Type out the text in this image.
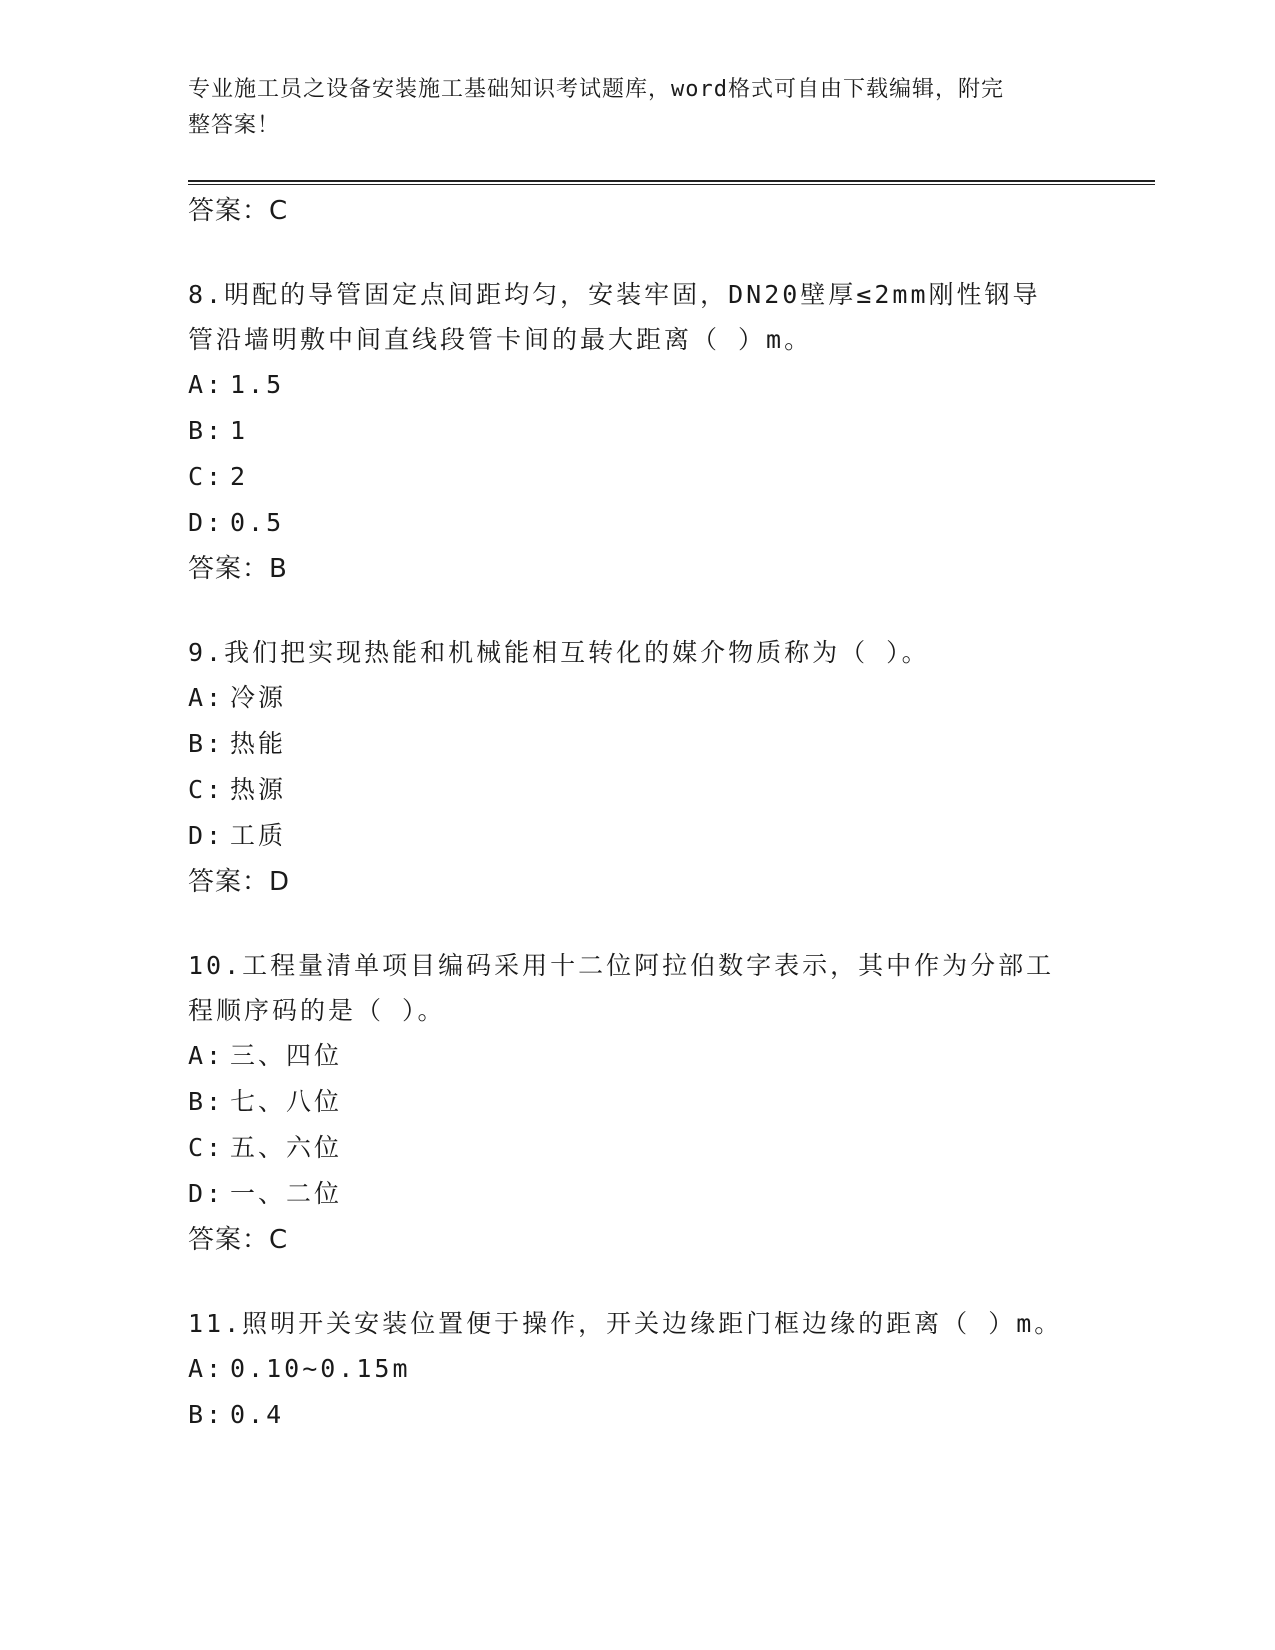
专业施工员之设备安装施工基础知识考试题库，word格式可自由下载编辑，附完
整答案！
答案：C
8.明配的导管固定点间距均匀，安装牢固，DN20壁厚≤2mm刚性钢导
管沿墙明敷中间直线段管卡间的最大距离（ ）m。
A: 1.5
B: 1
C: 2
D: 0.5
答案：B
9.我们把实现热能和机械能相互转化的媒介物质称为（ ）。
A: 冷源
B: 热能
C: 热源
D: 工质
答案：D
10.工程量清单项目编码采用十二位阿拉伯数字表示，其中作为分部工
程顺序码的是（ ）。
A: 三、四位
B: 七、八位
C: 五、六位
D: 一、二位
答案：C
11.照明开关安装位置便于操作，开关边缘距门框边缘的距离（ ）m。
A: 0.10~0.15m
B: 0.4
